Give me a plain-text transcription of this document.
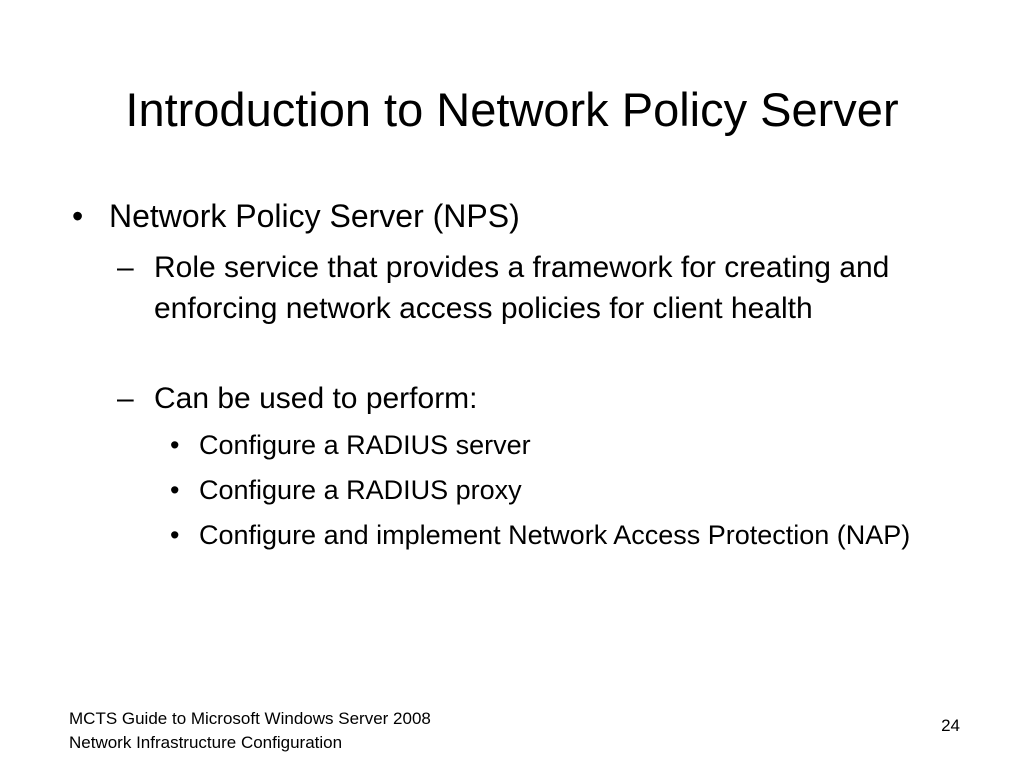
Introduction to Network Policy Server
• Network Policy Server (NPS)
– Role service that provides a framework for creating and enforcing network access policies for client health
– Can be used to perform:
• Configure a RADIUS server
• Configure a RADIUS proxy
• Configure and implement Network Access Protection (NAP)
MCTS Guide to Microsoft Windows Server 2008
Network Infrastructure Configuration
24
